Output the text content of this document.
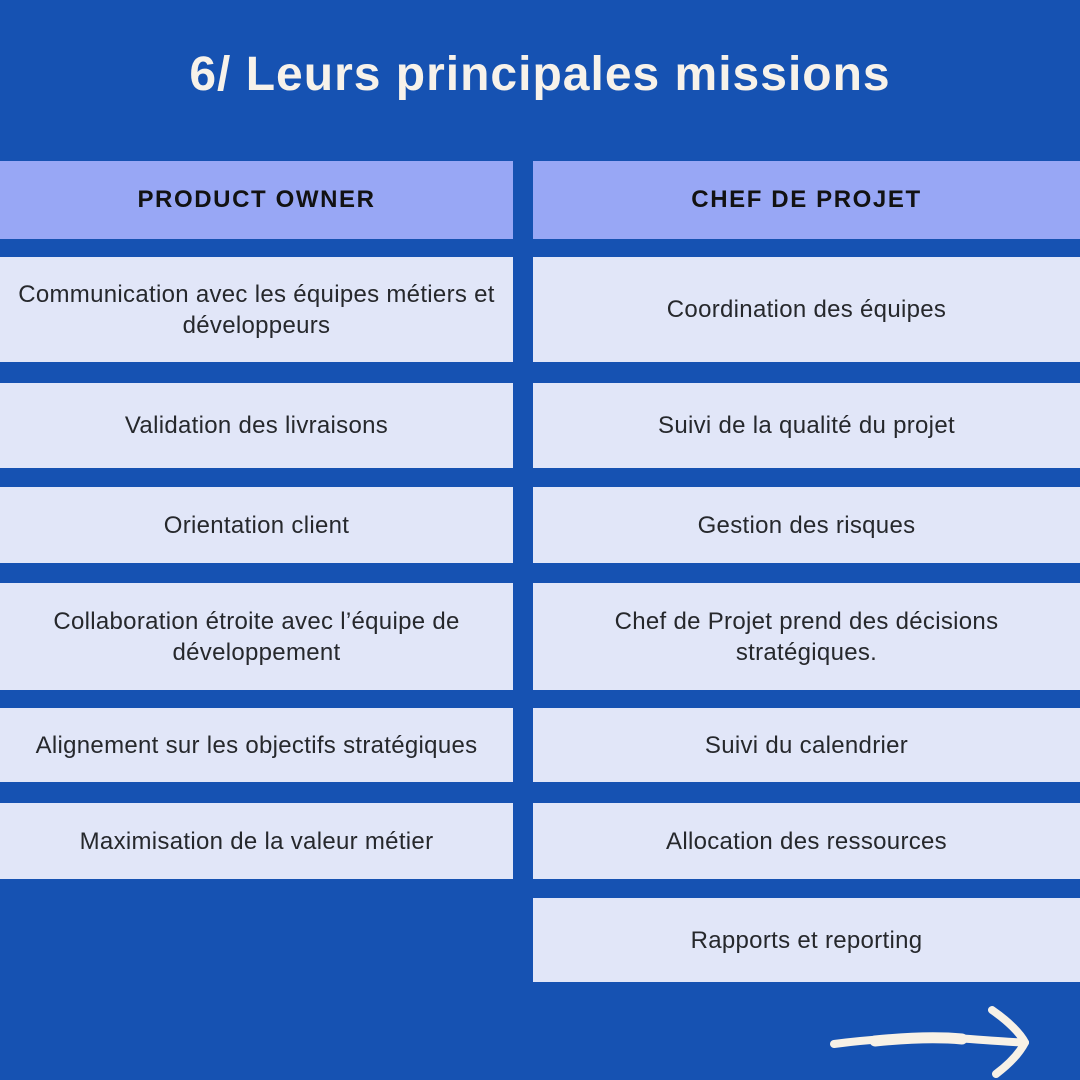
6/ Leurs principales missions
PRODUCT OWNER
Communication avec les équipes métiers et développeurs
Validation des livraisons
Orientation client
Collaboration étroite avec l’équipe de développement
Alignement sur les objectifs stratégiques
Maximisation de la valeur métier
CHEF DE PROJET
Coordination des équipes
Suivi de la qualité du projet
Gestion des risques
Chef de Projet prend des décisions stratégiques.
Suivi du calendrier
Allocation des ressources
Rapports et reporting
